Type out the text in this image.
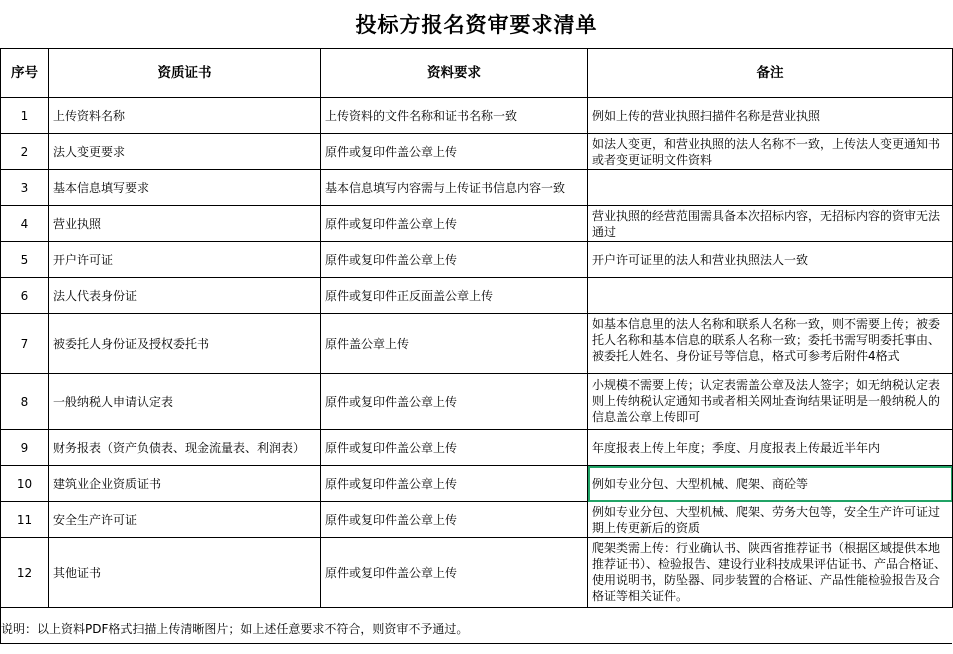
投标方报名资审要求清单
序号	资质证书	资料要求	备注
1	上传资料名称	上传资料的文件名称和证书名称一致	例如上传的营业执照扫描件名称是营业执照
2	法人变更要求	原件或复印件盖公章上传	如法人变更，和营业执照的法人名称不一致，上传法人变更通知书或者变更证明文件资料
3	基本信息填写要求	基本信息填写内容需与上传证书信息内容一致	
4	营业执照	原件或复印件盖公章上传	营业执照的经营范围需具备本次招标内容，无招标内容的资审无法通过
5	开户许可证	原件或复印件盖公章上传	开户许可证里的法人和营业执照法人一致
6	法人代表身份证	原件或复印件正反面盖公章上传	
7	被委托人身份证及授权委托书	原件盖公章上传	如基本信息里的法人名称和联系人名称一致，则不需要上传；被委托人名称和基本信息的联系人名称一致；委托书需写明委托事由、被委托人姓名、身份证号等信息，格式可参考后附件4格式

8	一般纳税人申请认定表	原件或复印件盖公章上传	小规模不需要上传；认定表需盖公章及法人签字；如无纳税认定表则上传纳税认定通知书或者相关网址查询结果证明是一般纳税人的信息盖公章上传即可

9	财务报表（资产负债表、现金流量表、利润表）	原件或复印件盖公章上传	年度报表上传上年度；季度、月度报表上传最近半年内
10	建筑业企业资质证书	原件或复印件盖公章上传	例如专业分包、大型机械、爬架、商砼等
11	安全生产许可证	原件或复印件盖公章上传	例如专业分包、大型机械、爬架、劳务大包等，安全生产许可证过期上传更新后的资质
12	其他证书	原件或复印件盖公章上传	爬架类需上传：行业确认书、陕西省推荐证书（根据区域提供本地推荐证书）、检验报告、建设行业科技成果评估证书、产品合格证、使用说明书，防坠器、同步装置的合格证、产品性能检验报告及合格证等相关证件。
说明：以上资料PDF格式扫描上传清晰图片；如上述任意要求不符合，则资审不予通过。
